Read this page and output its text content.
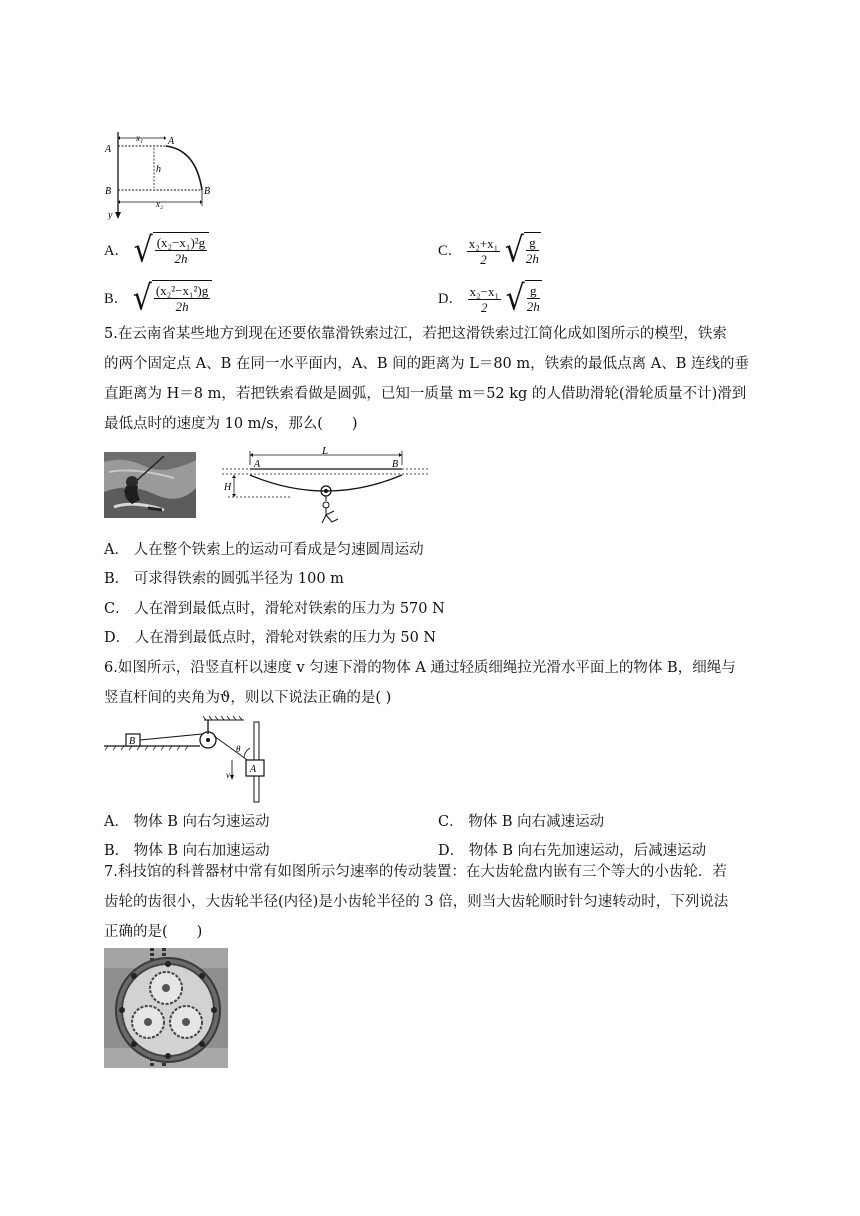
A
A
B	B
x₁
h
x₂
y
A． √ $\frac{\text{(x₂−x₁)²g}}{2h}$	C． $\frac{\text{x₂+x₁}}{2}$
√ $\frac{g}{2h}$
B． √ $\frac{\text{(x₂²−x₁²)g}}{2h}$	D． $\frac{\text{x₂−x₁}}{2}$
√ $\frac{g}{2h}$
5.在云南省某些地方到现在还要依靠滑铁索过江，若把这滑铁索过江简化成如图所示的模型，铁索
的两个固定点 A、B 在同一水平面内，A、B 间的距离为 L＝80 m，铁索的最低点离 A、B 连线的垂
直距离为 H＝8 m，若把铁索看做是圆弧，已知一质量 m＝52 kg 的人借助滑轮(滑轮质量不计)滑到
最低点时的速度为 10 m/s，那么(　　)
L
A	B
H
A． 人在整个铁索上的运动可看成是匀速圆周运动
B． 可求得铁索的圆弧半径为 100 m
C． 人在滑到最低点时，滑轮对铁索的压力为 570 N
D． 人在滑到最低点时，滑轮对铁索的压力为 50 N
6.如图所示，沿竖直杆以速度 v 匀速下滑的物体 A 通过轻质细绳拉光滑水平面上的物体 B，细绳与
竖直杆间的夹角为ϑ，则以下说法正确的是( )
B
A
θ
v
A． 物体 B 向右匀速运动	C． 物体 B 向右减速运动
B． 物体 B 向右加速运动	D． 物体 B 向右先加速运动，后减速运动
7.科技馆的科普器材中常有如图所示匀速率的传动装置：在大齿轮盘内嵌有三个等大的小齿轮．若
齿轮的齿很小，大齿轮半径(内径)是小齿轮半径的 3 倍，则当大齿轮顺时针匀速转动时，下列说法
正确的是(　　)
